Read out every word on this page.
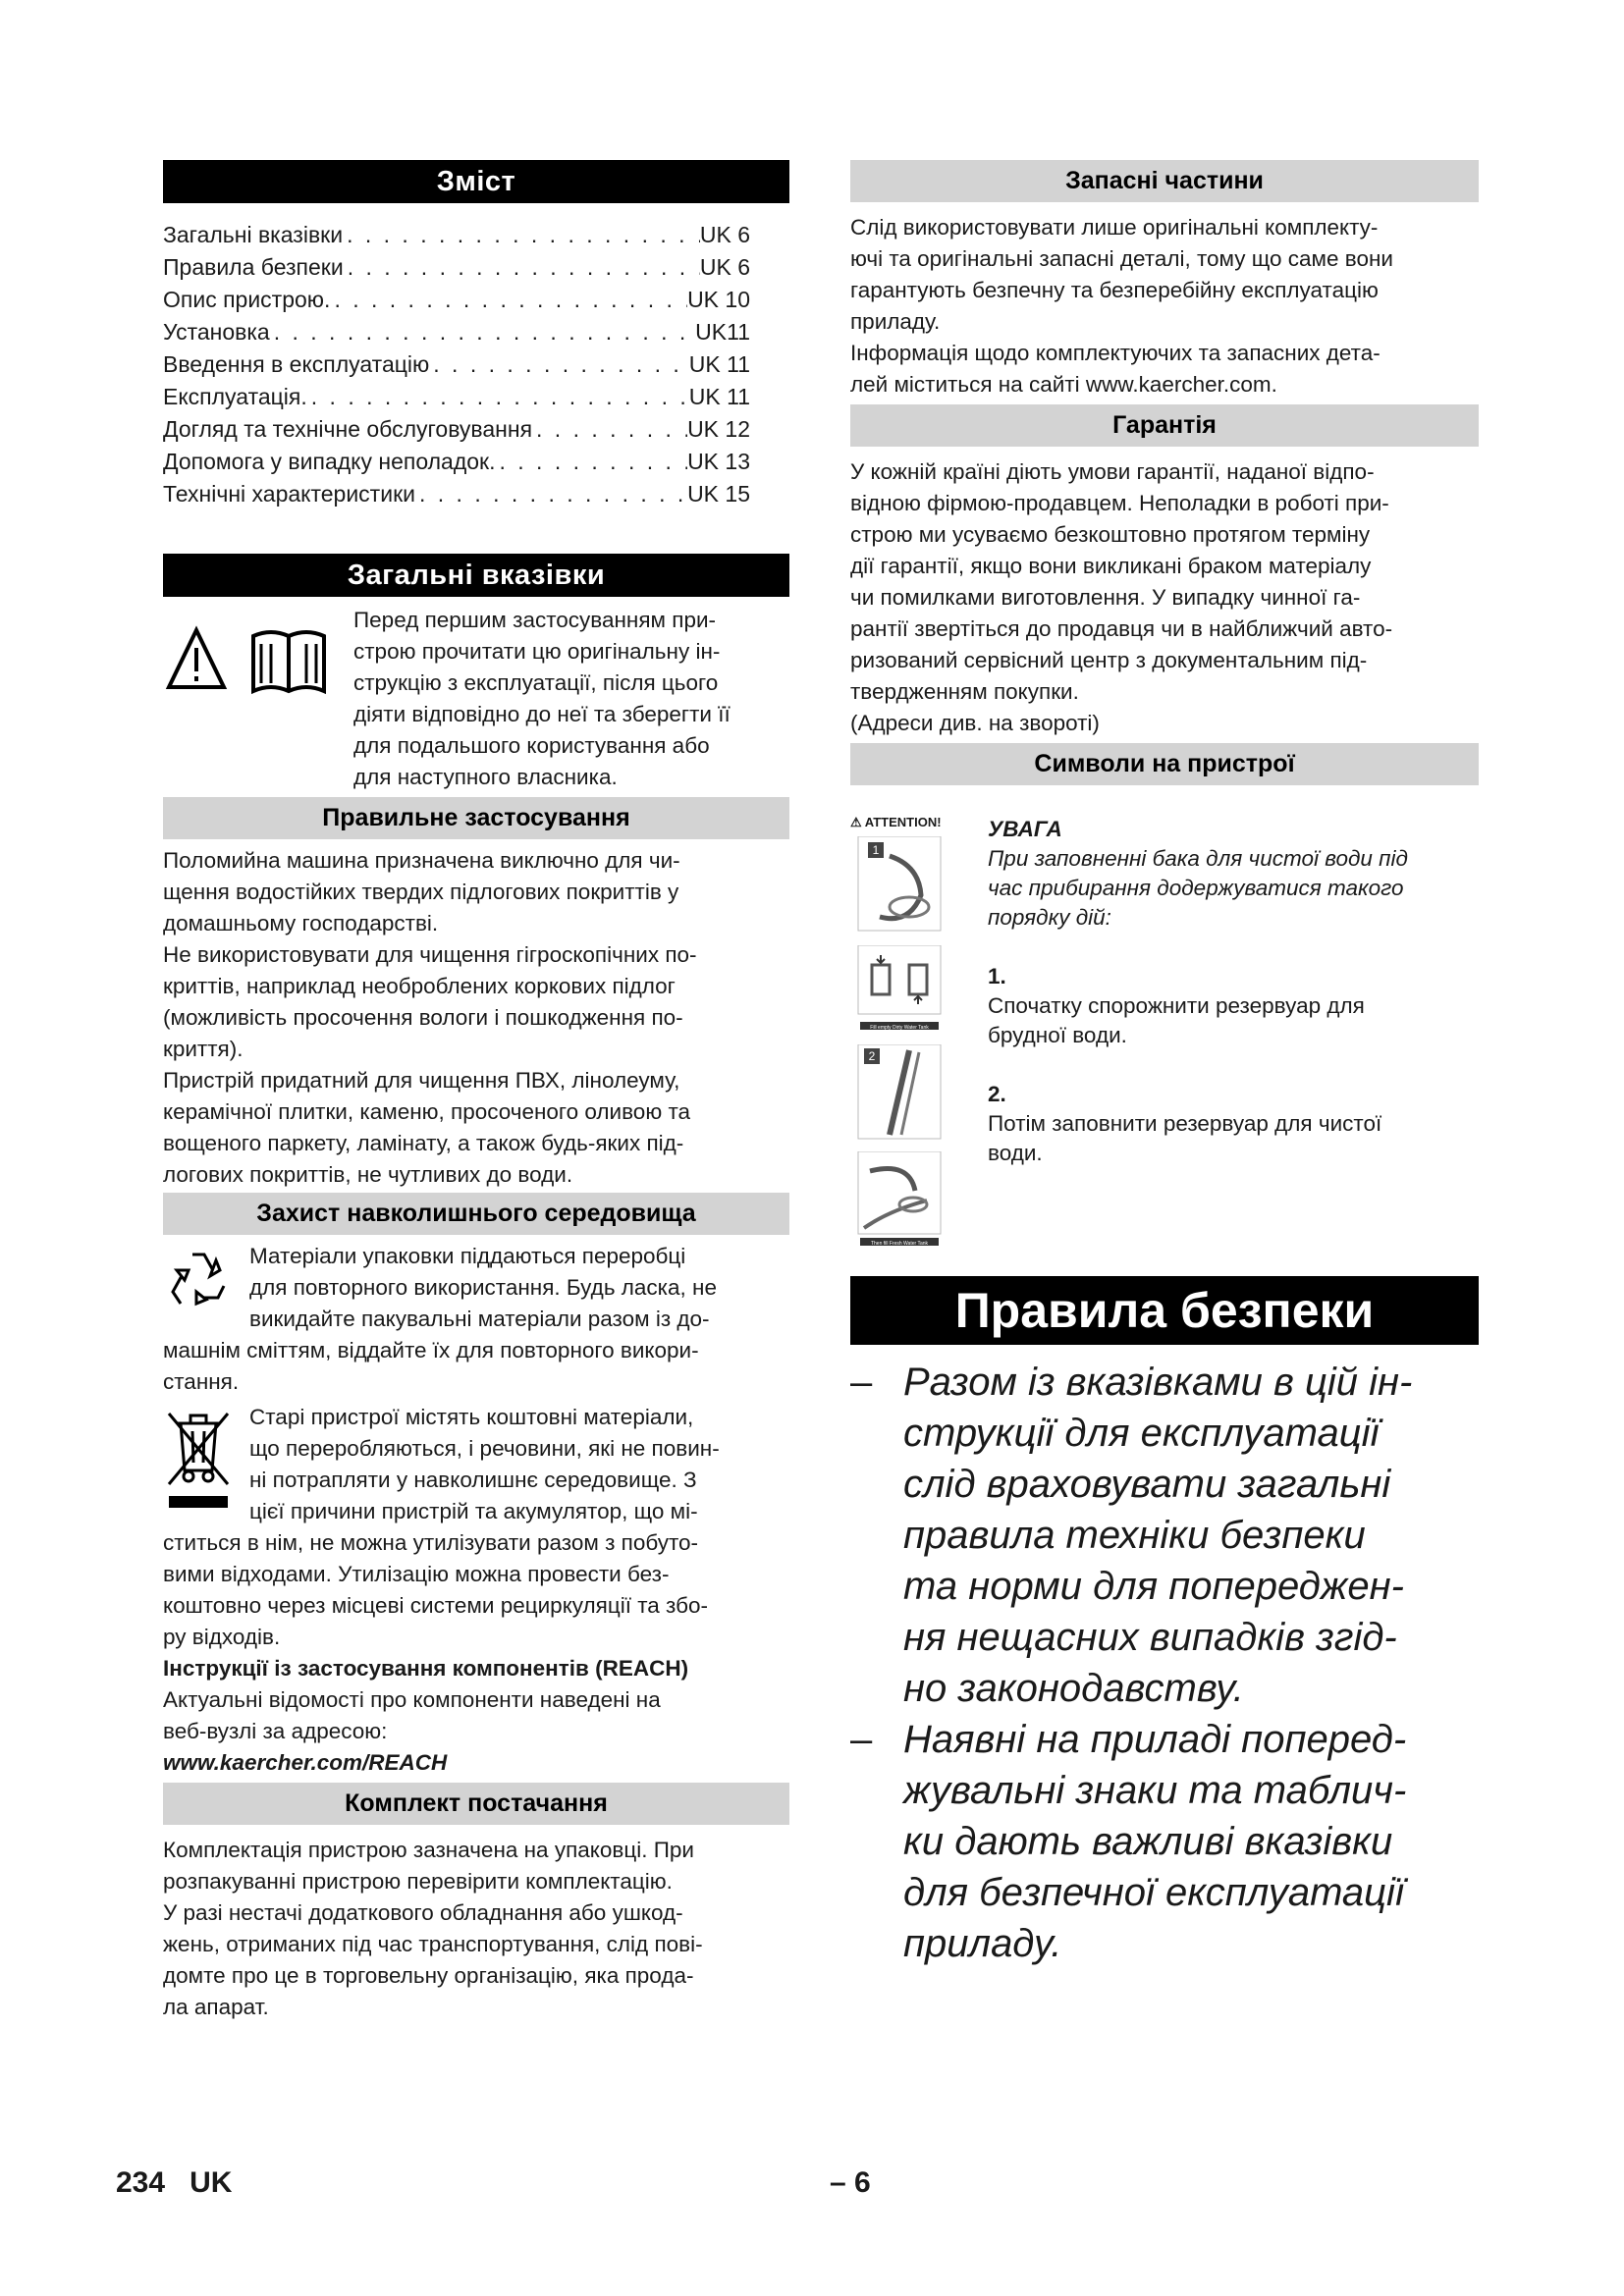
Зміст
Загальні вказівки . . .	UK 6
Правила безпеки . . .	UK 6
Опис пристрою. . . .	UK 10
Установка . . .	UK11
Введення в експлуатацію . . .	UK 11
Експлуатація. . . .	UK 11
Догляд та технічне обслуговування . . .	UK 12
Допомога у випадку неполадок. . . .	UK 13
Технічні характеристики . . .	UK 15
Загальні вказівки

Перед першим застосуванням при-

строю прочитати цю оригінальну ін-

струкцію з експлуатації, після цього

діяти відповідно до неї та зберегти її

для подальшого користування або

для наступного власника.

Правильне застосування

Поломийна машина призначена виключно для чи-

щення водостійких твердих підлогових покриттів у

домашньому господарстві.

Не використовувати для чищення гігроскопічних по-

криттів, наприклад необроблених коркових підлог

(можливість просочення вологи і пошкодження по-

криття).

Пристрій придатний для чищення ПВХ, лінолеуму,

керамічної плитки, каменю, просоченого оливою та

вощеного паркету, ламінату, а також будь-яких під-

логових покриттів, не чутливих до води.

Захист навколишнього середовища

Матеріали упаковки піддаються переробці

для повторного використання. Будь ласка, не

викидайте пакувальні матеріали разом із до-

машнім сміттям, віддайте їх для повторного викори-

стання.

Старі пристрої містять коштовні матеріали,

що переробляються, і речовини, які не повин-

ні потрапляти у навколишнє середовище. З

цієї причини пристрій та акумулятор, що мі-

ститься в нім, не можна утилізувати разом з побуто-

вими відходами. Утилізацію можна провести без-

коштовно через місцеві системи рециркуляції та збо-

ру відходів.

Інструкції із застосування компонентів (REACH)

Актуальні відомості про компоненти наведені на

веб-вузлі за адресою:

www.kaercher.com/REACH

Комплект постачання

Комплектація пристрою зазначена на упаковці. При

розпакуванні пристрою перевірити комплектацію.

У разі нестачі додаткового обладнання або ушкод-

жень, отриманих під час транспортування, слід пові-

домте про це в торговельну організацію, яка прода-

ла апарат.

Запасні частини

Слід використовувати лише оригінальні комплекту-

ючі та оригінальні запасні деталі, тому що саме вони

гарантують безпечну та безперебійну експлуатацію

приладу.

Інформація щодо комплектуючих та запасних дета-

лей міститься на сайті www.kaercher.com.

Гарантія

У кожній країні діють умови гарантії, наданої відпо-

відною фірмою-продавцем. Неполадки в роботі при-

строю ми усуваємо безкоштовно протягом терміну

дії гарантії, якщо вони викликані браком матеріалу

чи помилками виготовлення. У випадку чинної га-

рантії звертіться до продавця чи в найближчий авто-

ризований сервісний центр з документальним під-

твердженням покупки.

(Адреси див. на звороті)

Символи на пристрої
⚠ ATTENTION!
1

Fill empty Dirty Water Tank

2

Then fill Fresh Water Tank

УВАГА

При заповненні бака для чистої води під

час прибирання додержуватися такого

порядку дій:

1.

Спочатку спорожнити резервуар для

брудної води.

2.

Потім заповнити резервуар для чистої

води.

Правила безпеки
– Разом із вказівками в цій ін-
струкції для експлуатації
слід враховувати загальні
правила техніки безпеки
та норми для попереджен-
ня нещасних випадків згід-
но законодавству.
– Наявні на приладі поперед-
жувальні знаки та таблич-
ки дають важливі вказівки
для безпечної експлуатації
приладу.
234 UK	– 6
